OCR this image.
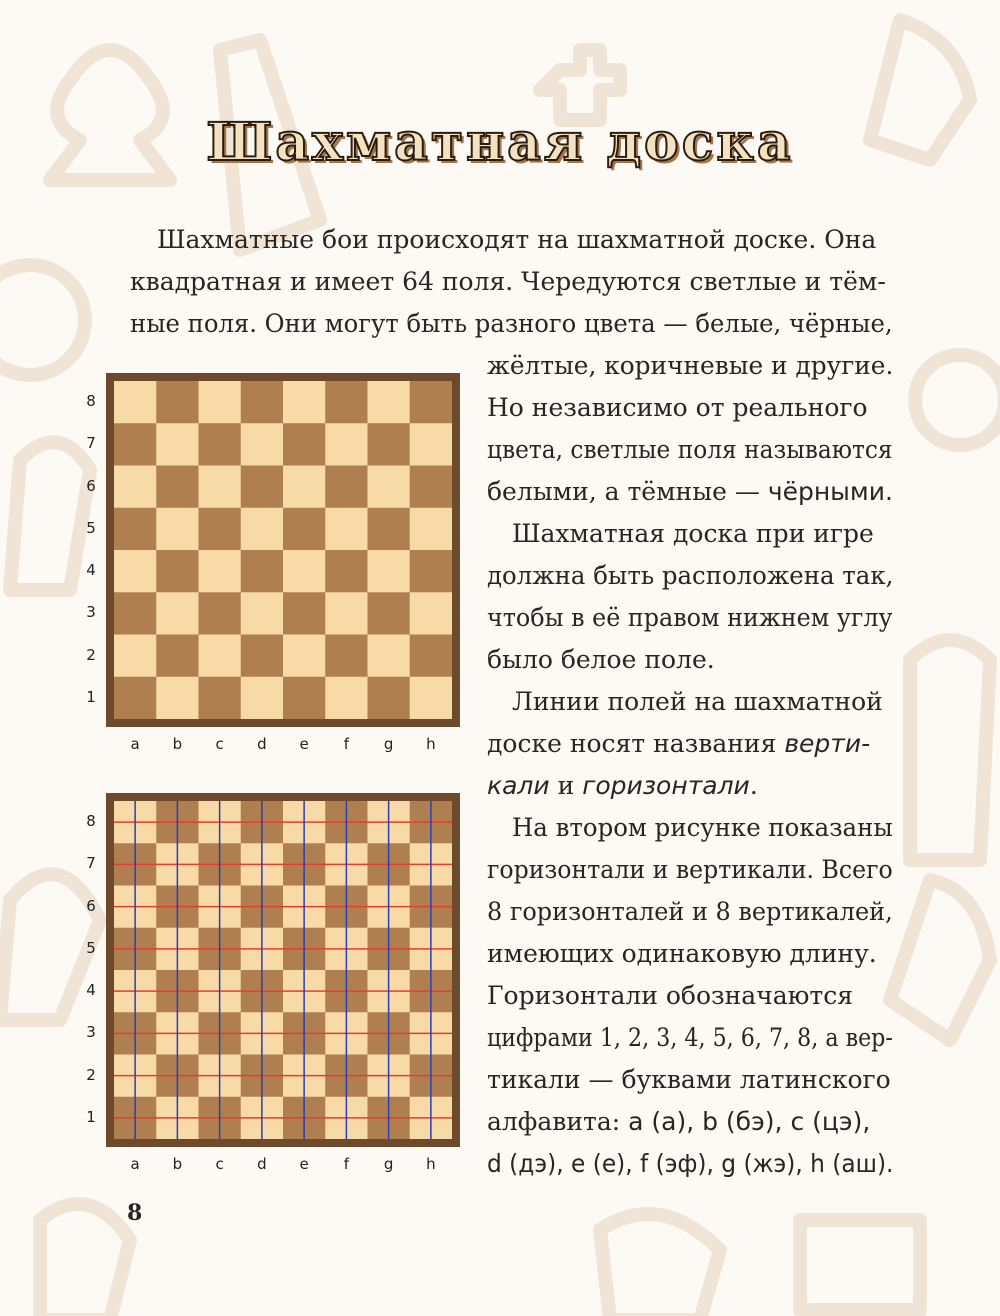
Шахматная доска
Шахматные бои происходят на шахматной доске. Она
квадратная и имеет 64 поля. Чередуются светлые и тём-
ные поля. Они могут быть разного цвета — белые, чёрные,
жёлтые, коричневые и другие.
Но независимо от реального
цвета, светлые поля называются
белыми, а тёмные — чёрными.
Шахматная доска при игре
должна быть расположена так,
чтобы в её правом нижнем углу
было белое поле.
Линии полей на шахматной
доске носят названия верти-
кали и горизонтали.
На втором рисунке показаны
горизонтали и вертикали. Всего
8 горизонталей и 8 вертикалей,
имеющих одинаковую длину.
Горизонтали обозначаются
цифрами 1, 2, 3, 4, 5, 6, 7, 8, а вер-
тикали — буквами латинского
алфавита: a (а), b (бэ), c (цэ),
d (дэ), e (е), f (эф), g (жэ), h (аш).
8
7
6
5
4
3
2
1
a	b	c	d	e	f	g	h
8
7
6
5
4
3
2
1
a	b	c	d	e	f	g	h
8
